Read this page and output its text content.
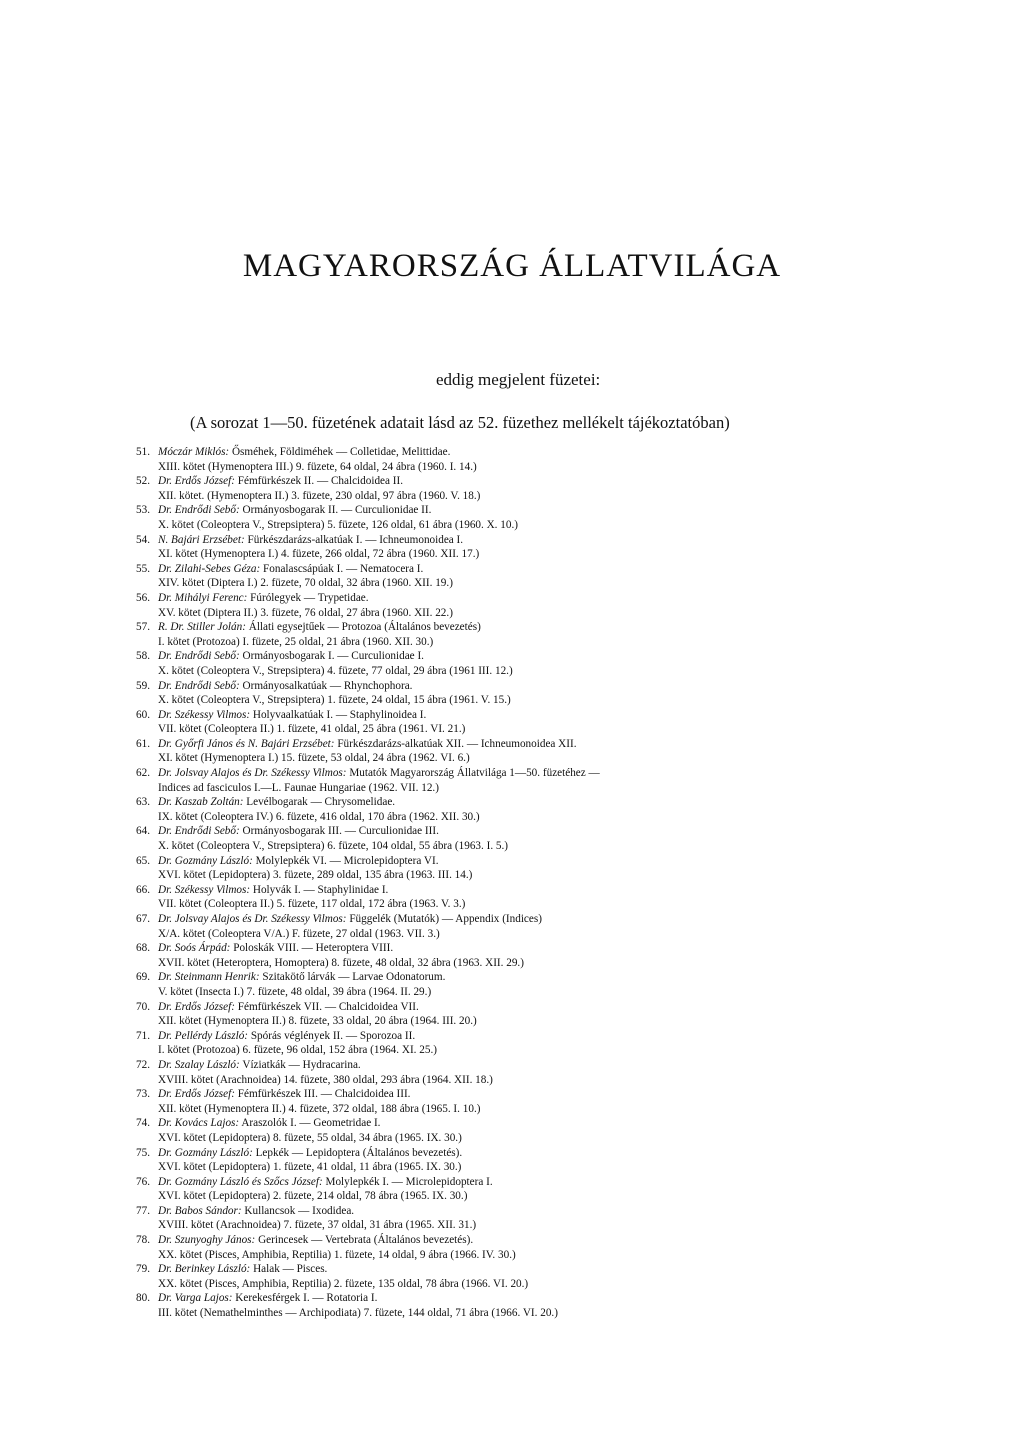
MAGYARORSZÁG ÁLLATVILÁGA

eddig megjelent füzetei:

(A sorozat 1—50. füzetének adatait lásd az 52. füzethez mellékelt tájékoztatóban)

51. Móczár Miklós: Ősméhek, Földiméhek — Colletidae, Melittidae.
XIII. kötet (Hymenoptera III.) 9. füzete, 64 oldal, 24 ábra (1960. I. 14.)
52. Dr. Erdős József: Fémfürkészek II. — Chalcidoidea II.
XII. kötet. (Hymenoptera II.) 3. füzete, 230 oldal, 97 ábra (1960. V. 18.)
53. Dr. Endrődi Sebő: Ormányosbogarak II. — Curculionidae II.
X. kötet (Coleoptera V., Strepsiptera) 5. füzete, 126 oldal, 61 ábra (1960. X. 10.)
54. N. Bajári Erzsébet: Fürkészdarázs-alkatúak I. — Ichneumonoidea I.
XI. kötet (Hymenoptera I.) 4. füzete, 266 oldal, 72 ábra (1960. XII. 17.)
55. Dr. Zilahi-Sebes Géza: Fonalascsápúak I. — Nematocera I.
XIV. kötet (Diptera I.) 2. füzete, 70 oldal, 32 ábra (1960. XII. 19.)
56. Dr. Mihályi Ferenc: Fúrólegyek — Trypetidae.
XV. kötet (Diptera II.) 3. füzete, 76 oldal, 27 ábra (1960. XII. 22.)
57. R. Dr. Stiller Jolán: Állati egysejtűek — Protozoa (Általános bevezetés)
I. kötet (Protozoa) I. füzete, 25 oldal, 21 ábra (1960. XII. 30.)
58. Dr. Endrődi Sebő: Ormányosbogarak I. — Curculionidae I.
X. kötet (Coleoptera V., Strepsiptera) 4. füzete, 77 oldal, 29 ábra (1961 III. 12.)
59. Dr. Endrődi Sebő: Ormányosalkatúak — Rhynchophora.
X. kötet (Coleoptera V., Strepsiptera) 1. füzete, 24 oldal, 15 ábra (1961. V. 15.)
60. Dr. Székessy Vilmos: Holyvaalkatúak I. — Staphylinoidea I.
VII. kötet (Coleoptera II.) 1. füzete, 41 oldal, 25 ábra (1961. VI. 21.)
61. Dr. Győrfi János és N. Bajári Erzsébet: Fürkészdarázs-alkatúak XII. — Ichneumonoidea XII.
XI. kötet (Hymenoptera I.) 15. füzete, 53 oldal, 24 ábra (1962. VI. 6.)
62. Dr. Jolsvay Alajos és Dr. Székessy Vilmos: Mutatók Magyarország Állatvilága 1—50. füzetéhez —
Indices ad fasciculos I.—L. Faunae Hungariae (1962. VII. 12.)
63. Dr. Kaszab Zoltán: Levélbogarak — Chrysomelidae.
IX. kötet (Coleoptera IV.) 6. füzete, 416 oldal, 170 ábra (1962. XII. 30.)
64. Dr. Endrődi Sebő: Ormányosbogarak III. — Curculionidae III.
X. kötet (Coleoptera V., Strepsiptera) 6. füzete, 104 oldal, 55 ábra (1963. I. 5.)
65. Dr. Gozmány László: Molylepkék VI. — Microlepidoptera VI.
XVI. kötet (Lepidoptera) 3. füzete, 289 oldal, 135 ábra (1963. III. 14.)
66. Dr. Székessy Vilmos: Holyvák I. — Staphylinidae I.
VII. kötet (Coleoptera II.) 5. füzete, 117 oldal, 172 ábra (1963. V. 3.)
67. Dr. Jolsvay Alajos és Dr. Székessy Vilmos: Függelék (Mutatók) — Appendix (Indices)
X/A. kötet (Coleoptera V/A.) F. füzete, 27 oldal (1963. VII. 3.)
68. Dr. Soós Árpád: Poloskák VIII. — Heteroptera VIII.
XVII. kötet (Heteroptera, Homoptera) 8. füzete, 48 oldal, 32 ábra (1963. XII. 29.)
69. Dr. Steinmann Henrik: Szitakötő lárvák — Larvae Odonatorum.
V. kötet (Insecta I.) 7. füzete, 48 oldal, 39 ábra (1964. II. 29.)
70. Dr. Erdős József: Fémfürkészek VII. — Chalcidoidea VII.
XII. kötet (Hymenoptera II.) 8. füzete, 33 oldal, 20 ábra (1964. III. 20.)
71. Dr. Pellérdy László: Spórás véglények II. — Sporozoa II.
I. kötet (Protozoa) 6. füzete, 96 oldal, 152 ábra (1964. XI. 25.)
72. Dr. Szalay László: Víziatkák — Hydracarina.
XVIII. kötet (Arachnoidea) 14. füzete, 380 oldal, 293 ábra (1964. XII. 18.)
73. Dr. Erdős József: Fémfürkészek III. — Chalcidoidea III.
XII. kötet (Hymenoptera II.) 4. füzete, 372 oldal, 188 ábra (1965. I. 10.)
74. Dr. Kovács Lajos: Araszolók I. — Geometridae I.
XVI. kötet (Lepidoptera) 8. füzete, 55 oldal, 34 ábra (1965. IX. 30.)
75. Dr. Gozmány László: Lepkék — Lepidoptera (Általános bevezetés).
XVI. kötet (Lepidoptera) 1. füzete, 41 oldal, 11 ábra (1965. IX. 30.)
76. Dr. Gozmány László és Szőcs József: Molylepkék I. — Microlepidoptera I.
XVI. kötet (Lepidoptera) 2. füzete, 214 oldal, 78 ábra (1965. IX. 30.)
77. Dr. Babos Sándor: Kullancsok — Ixodidea.
XVIII. kötet (Arachnoidea) 7. füzete, 37 oldal, 31 ábra (1965. XII. 31.)
78. Dr. Szunyoghy János: Gerincesek — Vertebrata (Általános bevezetés).
XX. kötet (Pisces, Amphibia, Reptilia) 1. füzete, 14 oldal, 9 ábra (1966. IV. 30.)
79. Dr. Berinkey László: Halak — Pisces.
XX. kötet (Pisces, Amphibia, Reptilia) 2. füzete, 135 oldal, 78 ábra (1966. VI. 20.)
80. Dr. Varga Lajos: Kerekesférgek I. — Rotatoria I.
III. kötet (Nemathelminthes — Archipodiata) 7. füzete, 144 oldal, 71 ábra (1966. VI. 20.)
